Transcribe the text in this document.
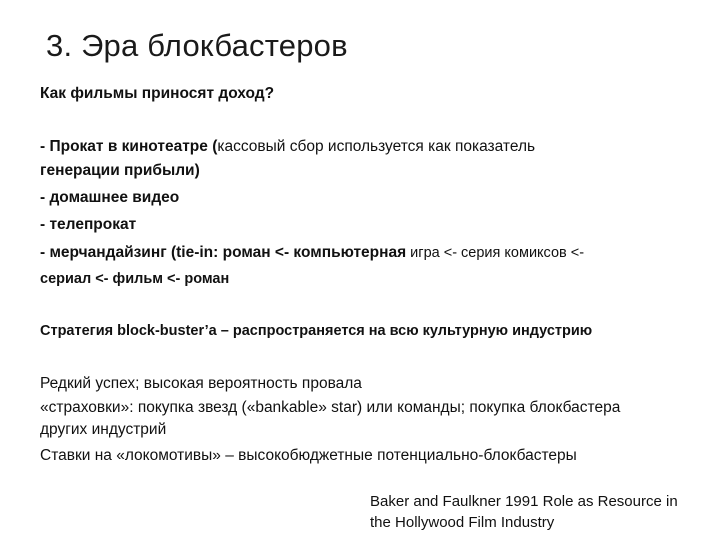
3. Эра блокбастеров
Как фильмы приносят доход?
- Прокат в кинотеатре (кассовый сбор используется как показатель
генерации прибыли)
- домашнее видео
- телепрокат
- мерчандайзинг (tie-in: роман <- компьютерная игра <- серия комиксов <-
сериал <- фильм <- роман
Стратегия block-buster’a – распространяется на всю культурную индустрию
Редкий успех; высокая вероятность провала
«страховки»: покупка звезд («bankable» star) или команды; покупка блокбастера
других индустрий
Ставки на «локомотивы» – высокобюджетные потенциально-блокбастеры
Baker and Faulkner 1991 Role as Resource in
the Hollywood Film Industry
